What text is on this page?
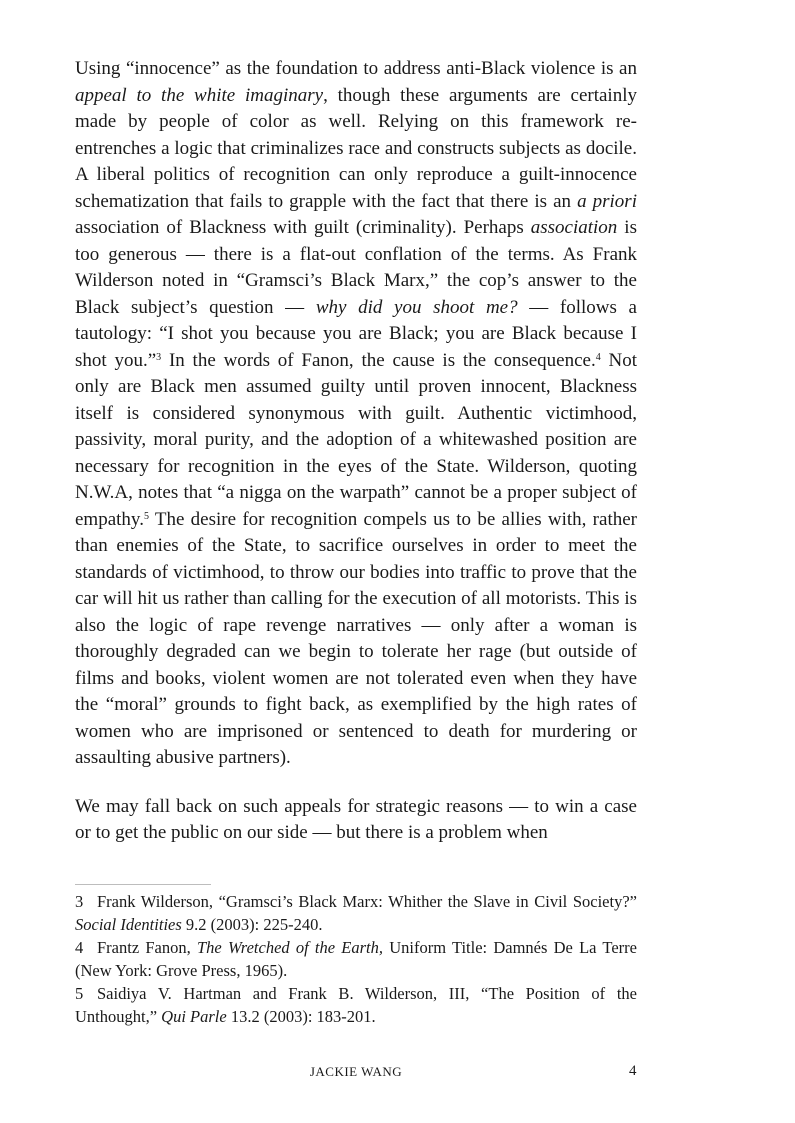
Using “innocence” as the foundation to address anti-Black violence is an appeal to the white imaginary, though these arguments are certainly made by people of color as well. Relying on this framework re-entrenches a logic that criminalizes race and constructs subjects as docile. A liberal politics of recognition can only reproduce a guilt-innocence schematization that fails to grapple with the fact that there is an a priori association of Blackness with guilt (criminality). Perhaps association is too generous — there is a flat-out conflation of the terms. As Frank Wilderson noted in “Gramsci’s Black Marx,” the cop’s answer to the Black subject’s question — why did you shoot me? — follows a tautology: “I shot you because you are Black; you are Black because I shot you.”$^3$ In the words of Fanon, the cause is the consequence.$^4$ Not only are Black men assumed guilty until proven innocent, Blackness itself is considered synonymous with guilt. Authentic victimhood, passivity, moral purity, and the adoption of a whitewashed position are necessary for recognition in the eyes of the State. Wilderson, quoting N.W.A, notes that “a nigga on the warpath” cannot be a proper subject of empathy.$^5$ The desire for recognition compels us to be allies with, rather than enemies of the State, to sacrifice ourselves in order to meet the standards of victimhood, to throw our bodies into traffic to prove that the car will hit us rather than calling for the execution of all motorists. This is also the logic of rape revenge narratives — only after a woman is thoroughly degraded can we begin to tolerate her rage (but outside of films and books, violent women are not tolerated even when they have the “moral” grounds to fight back, as exemplified by the high rates of women who are imprisoned or sentenced to death for murdering or assaulting abusive partners).

We may fall back on such appeals for strategic reasons — to win a case or to get the public on our side — but there is a problem when

3 Frank Wilderson, “Gramsci’s Black Marx: Whither the Slave in Civil Society?” Social Identities 9.2 (2003): 225-240.

4 Frantz Fanon, The Wretched of the Earth, Uniform Title: Damnés De La Terre (New York: Grove Press, 1965).

5 Saidiya V. Hartman and Frank B. Wilderson, III, “The Position of the Unthought,” Qui Parle 13.2 (2003): 183-201.

JACKIE WANG	4
